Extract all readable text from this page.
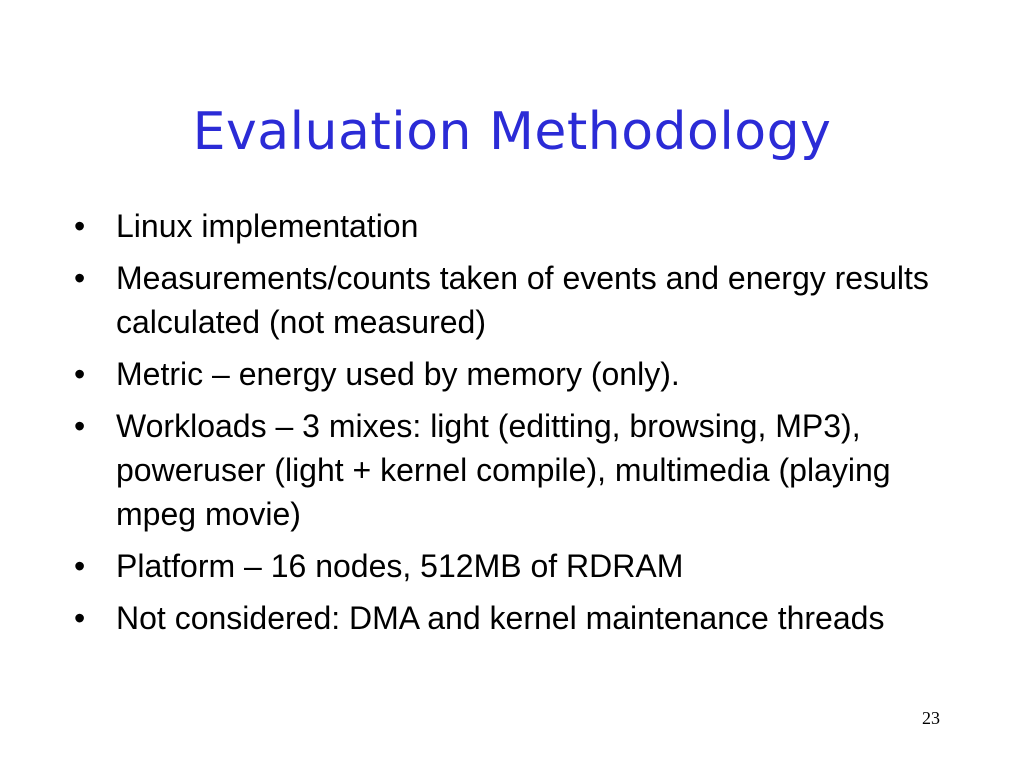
Evaluation Methodology
• Linux implementation
• Measurements/counts taken of events and energy results calculated (not measured)
• Metric – energy used by memory (only).
• Workloads – 3 mixes: light (editting, browsing, MP3), poweruser (light + kernel compile), multimedia (playing mpeg movie)
• Platform – 16 nodes, 512MB of RDRAM
• Not considered: DMA and kernel maintenance threads
23
